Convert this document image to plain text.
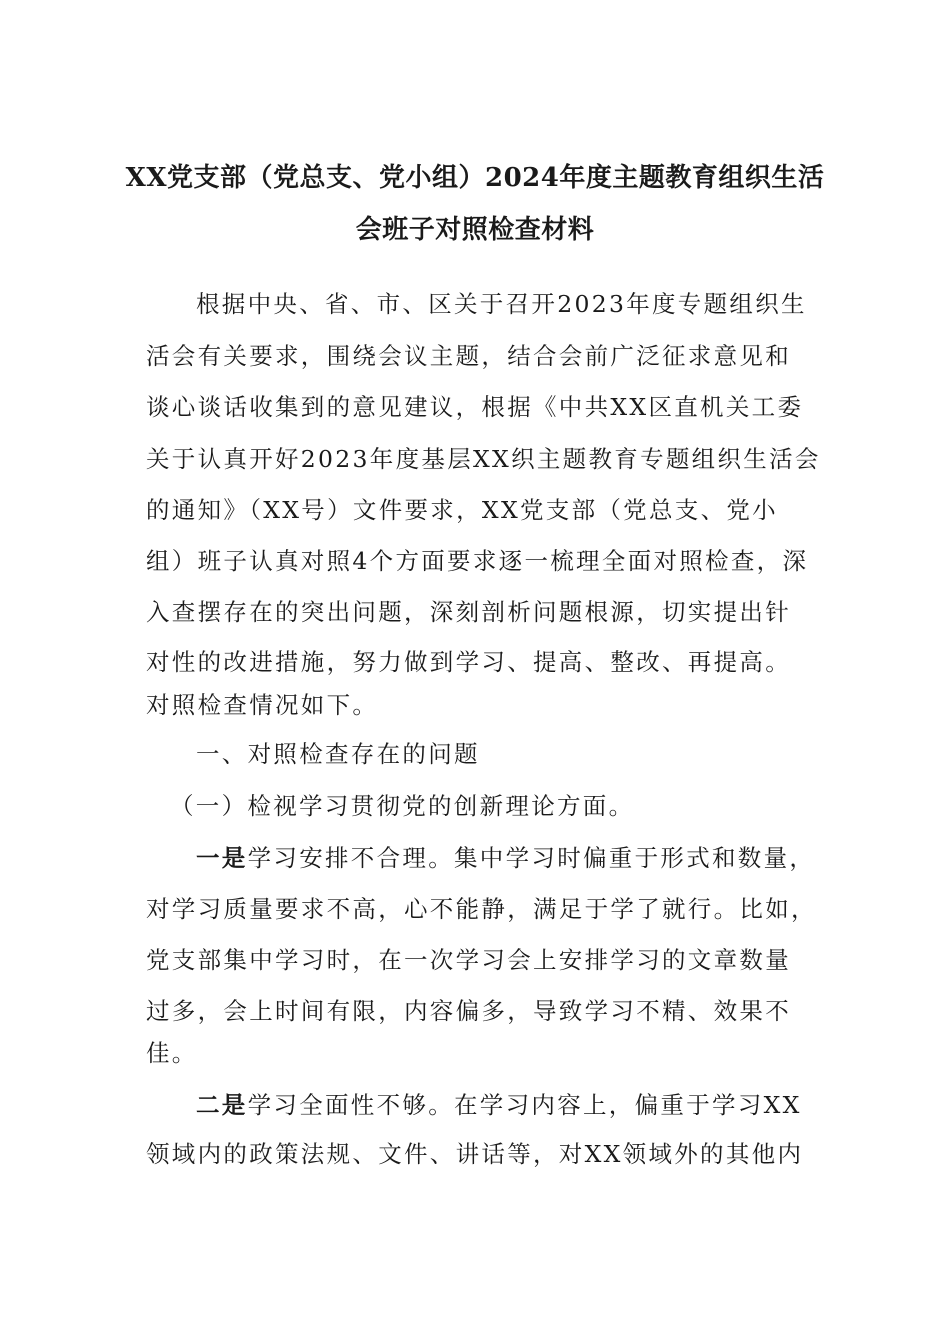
XX党支部（党总支、党小组）2024年度主题教育组织生活
会班子对照检查材料
根据中央、省、市、区关于召开2023年度专题组织生
活会有关要求，围绕会议主题，结合会前广泛征求意见和
谈心谈话收集到的意见建议，根据《中共XX区直机关工委
关于认真开好2023年度基层XX织主题教育专题组织生活会
的通知》（XX号）文件要求，XX党支部（党总支、党小
组）班子认真对照4个方面要求逐一梳理全面对照检查，深
入查摆存在的突出问题，深刻剖析问题根源，切实提出针
对性的改进措施，努力做到学习、提高、整改、再提高。
对照检查情况如下。
一、对照检查存在的问题
（一）检视学习贯彻党的创新理论方面。
一是学习安排不合理。集中学习时偏重于形式和数量，
对学习质量要求不高，心不能静，满足于学了就行。比如，
党支部集中学习时，在一次学习会上安排学习的文章数量
过多，会上时间有限，内容偏多，导致学习不精、效果不
佳。
二是学习全面性不够。在学习内容上，偏重于学习XX
领域内的政策法规、文件、讲话等，对XX领域外的其他内
